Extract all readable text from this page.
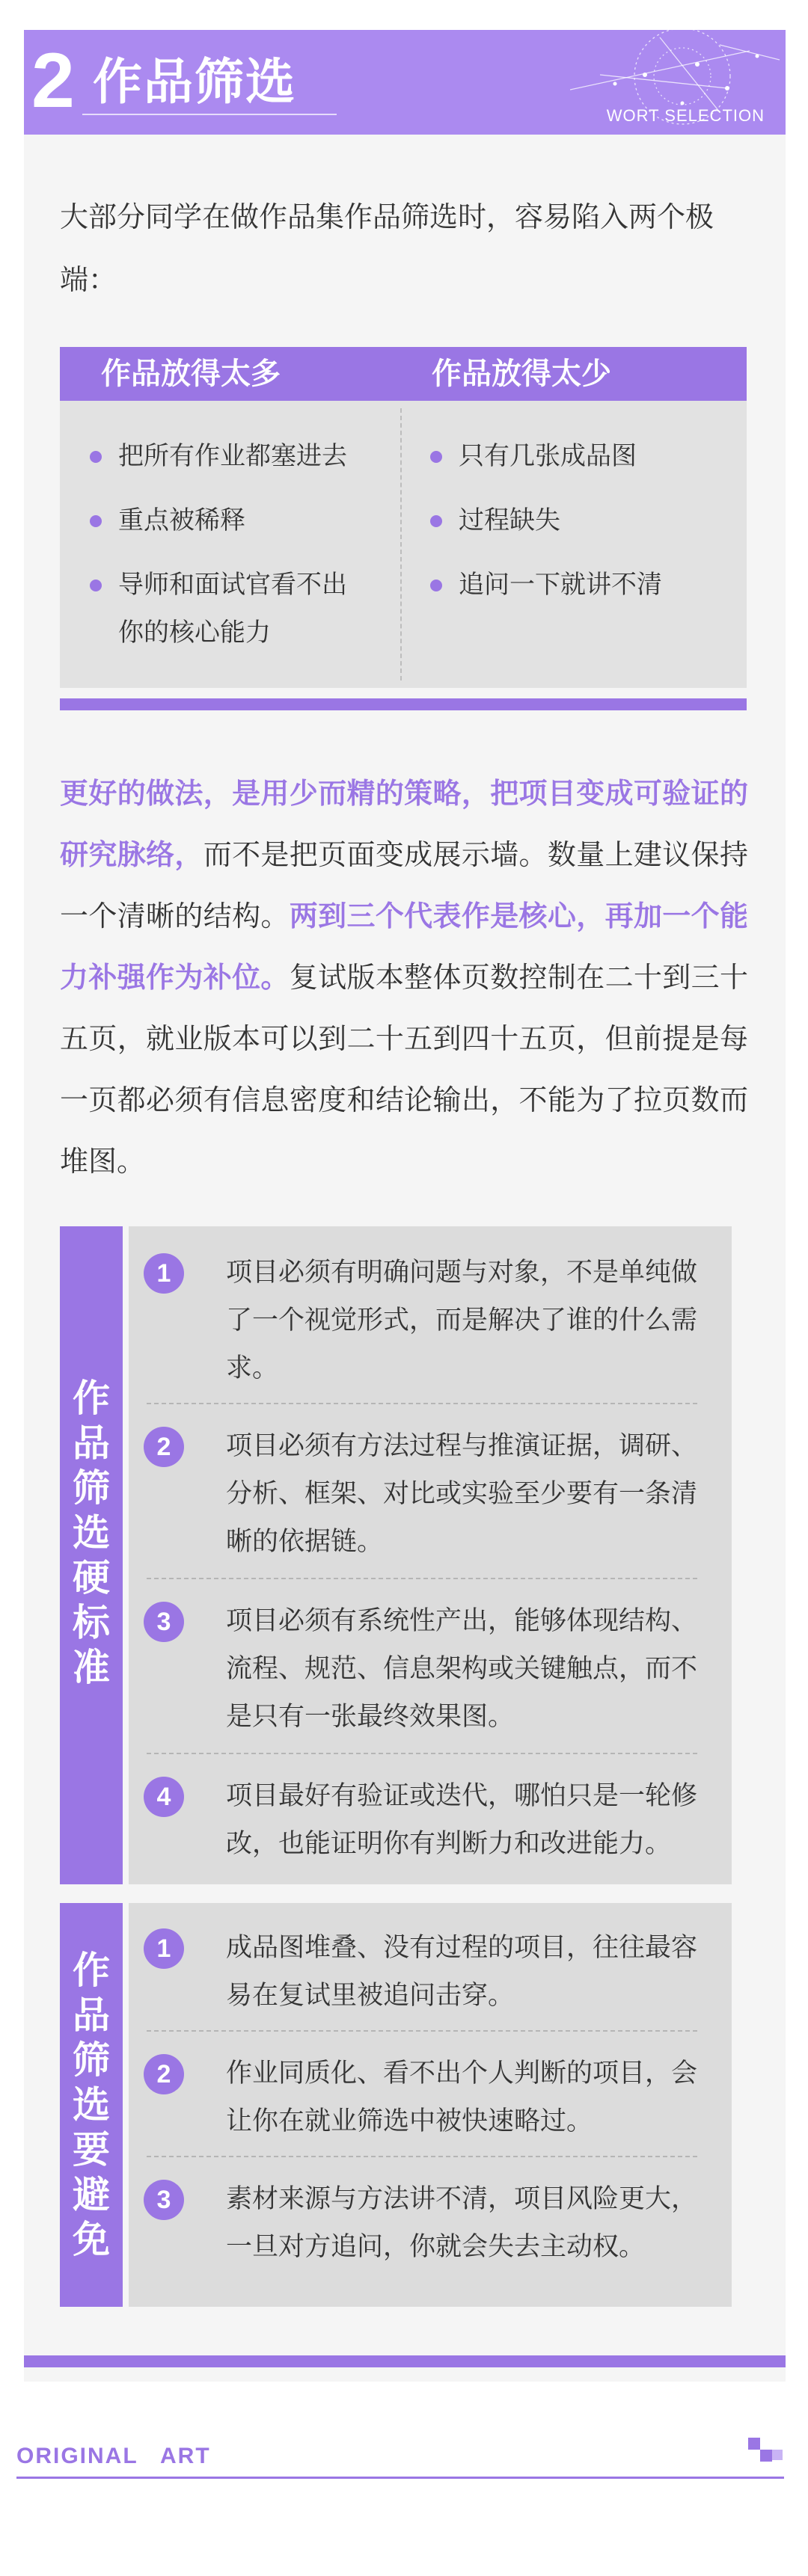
2 作品筛选
WORT SELECTION
大部分同学在做作品集作品筛选时，容易陷入两个极端：
作品放得太多	作品放得太少
把所有作业都塞进去
重点被稀释
导师和面试官看不出
你的核心能力
只有几张成品图
过程缺失
追问一下就讲不清
更好的做法，是用少而精的策略，把项目变成可验证的研究脉络，而不是把页面变成展示墙。数量上建议保持一个清晰的结构。两到三个代表作是核心，再加一个能力补强作为补位。复试版本整体页数控制在二十到三十五页，就业版本可以到二十五到四十五页，但前提是每一页都必须有信息密度和结论输出，不能为了拉页数而堆图。
作
品
筛
选
硬
标
准
1	项目必须有明确问题与对象，不是单纯做了一个视觉形式，而是解决了谁的什么需求。
2	项目必须有方法过程与推演证据，调研、分析、框架、对比或实验至少要有一条清晰的依据链。
3	项目必须有系统性产出，能够体现结构、流程、规范、信息架构或关键触点，而不是只有一张最终效果图。
4	项目最好有验证或迭代，哪怕只是一轮修改，也能证明你有判断力和改进能力。
作
品
筛
选
要
避
免
1	成品图堆叠、没有过程的项目，往往最容易在复试里被追问击穿。
2	作业同质化、看不出个人判断的项目，会让你在就业筛选中被快速略过。
3	素材来源与方法讲不清，项目风险更大，一旦对方追问，你就会失去主动权。
ORIGINAL   ART
